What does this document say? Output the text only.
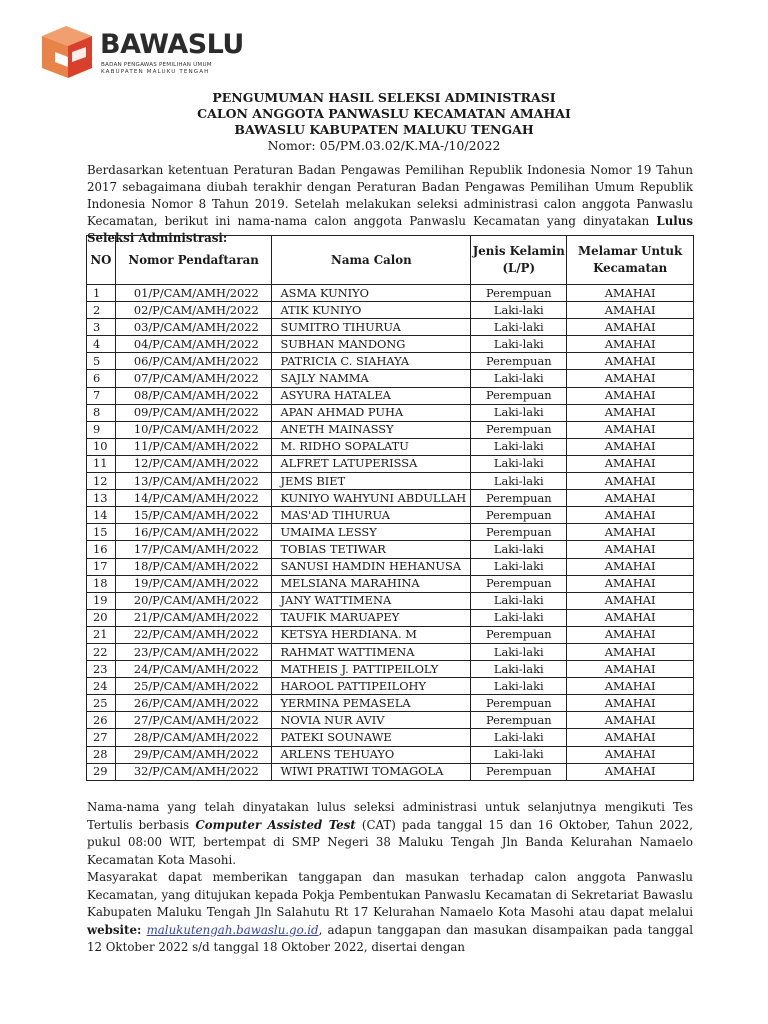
BAWASLU
BADAN PENGAWAS PEMILIHAN UMUM
KABUPATEN MALUKU TENGAH
PENGUMUMAN HASIL SELEKSI ADMINISTRASI
CALON ANGGOTA PANWASLU KECAMATAN AMAHAI
BAWASLU KABUPATEN MALUKU TENGAH
Nomor: 05/PM.03.02/K.MA-/10/2022

Berdasarkan ketentuan Peraturan Badan Pengawas Pemilihan Republik Indonesia Nomor 19 Tahun 2017 sebagaimana diubah terakhir dengan Peraturan Badan Pengawas Pemilihan Umum Republik Indonesia Nomor 8 Tahun 2019. Setelah melakukan seleksi administrasi calon anggota Panwaslu Kecamatan, berikut ini nama-nama calon anggota Panwaslu Kecamatan yang dinyatakan Lulus Seleksi Administrasi:

NO	Nomor Pendaftaran	Nama Calon	Jenis Kelamin (L/P)	Melamar Untuk Kecamatan
1	01/P/CAM/AMH/2022	ASMA KUNIYO	Perempuan	AMAHAI
2	02/P/CAM/AMH/2022	ATIK KUNIYO	Laki-laki	AMAHAI
3	03/P/CAM/AMH/2022	SUMITRO TIHURUA	Laki-laki	AMAHAI
4	04/P/CAM/AMH/2022	SUBHAN MANDONG	Laki-laki	AMAHAI
5	06/P/CAM/AMH/2022	PATRICIA C. SIAHAYA	Perempuan	AMAHAI
6	07/P/CAM/AMH/2022	SAJLY NAMMA	Laki-laki	AMAHAI
7	08/P/CAM/AMH/2022	ASYURA HATALEA	Perempuan	AMAHAI
8	09/P/CAM/AMH/2022	APAN AHMAD PUHA	Laki-laki	AMAHAI
9	10/P/CAM/AMH/2022	ANETH MAINASSY	Perempuan	AMAHAI
10	11/P/CAM/AMH/2022	M. RIDHO SOPALATU	Laki-laki	AMAHAI
11	12/P/CAM/AMH/2022	ALFRET LATUPERISSA	Laki-laki	AMAHAI
12	13/P/CAM/AMH/2022	JEMS BIET	Laki-laki	AMAHAI
13	14/P/CAM/AMH/2022	KUNIYO WAHYUNI ABDULLAH	Perempuan	AMAHAI
14	15/P/CAM/AMH/2022	MAS'AD TIHURUA	Perempuan	AMAHAI
15	16/P/CAM/AMH/2022	UMAIMA LESSY	Perempuan	AMAHAI
16	17/P/CAM/AMH/2022	TOBIAS TETIWAR	Laki-laki	AMAHAI
17	18/P/CAM/AMH/2022	SANUSI HAMDIN HEHANUSA	Laki-laki	AMAHAI
18	19/P/CAM/AMH/2022	MELSIANA MARAHINA	Perempuan	AMAHAI
19	20/P/CAM/AMH/2022	JANY WATTIMENA	Laki-laki	AMAHAI
20	21/P/CAM/AMH/2022	TAUFIK MARUAPEY	Laki-laki	AMAHAI
21	22/P/CAM/AMH/2022	KETSYA HERDIANA. M	Perempuan	AMAHAI
22	23/P/CAM/AMH/2022	RAHMAT WATTIMENA	Laki-laki	AMAHAI
23	24/P/CAM/AMH/2022	MATHEIS J. PATTIPEILOLY	Laki-laki	AMAHAI
24	25/P/CAM/AMH/2022	HAROOL PATTIPEILOHY	Laki-laki	AMAHAI
25	26/P/CAM/AMH/2022	YERMINA PEMASELA	Perempuan	AMAHAI
26	27/P/CAM/AMH/2022	NOVIA NUR AVIV	Perempuan	AMAHAI
27	28/P/CAM/AMH/2022	PATEKI SOUNAWE	Laki-laki	AMAHAI
28	29/P/CAM/AMH/2022	ARLENS TEHUAYO	Laki-laki	AMAHAI
29	32/P/CAM/AMH/2022	WIWI PRATIWI TOMAGOLA	Perempuan	AMAHAI

Nama-nama yang telah dinyatakan lulus seleksi administrasi untuk selanjutnya mengikuti Tes Tertulis berbasis Computer Assisted Test (CAT) pada tanggal 15 dan 16 Oktober, Tahun 2022, pukul 08:00 WIT, bertempat di SMP Negeri 38 Maluku Tengah Jln Banda Kelurahan Namaelo Kecamatan Kota Masohi.

Masyarakat dapat memberikan tanggapan dan masukan terhadap calon anggota Panwaslu Kecamatan, yang ditujukan kepada Pokja Pembentukan Panwaslu Kecamatan di Sekretariat Bawaslu Kabupaten Maluku Tengah Jln Salahutu Rt 17 Kelurahan Namaelo Kota Masohi atau dapat melalui website: malukutengah.bawaslu.go.id, adapun tanggapan dan masukan disampaikan pada tanggal 12 Oktober 2022 s/d tanggal 18 Oktober 2022, disertai dengan
